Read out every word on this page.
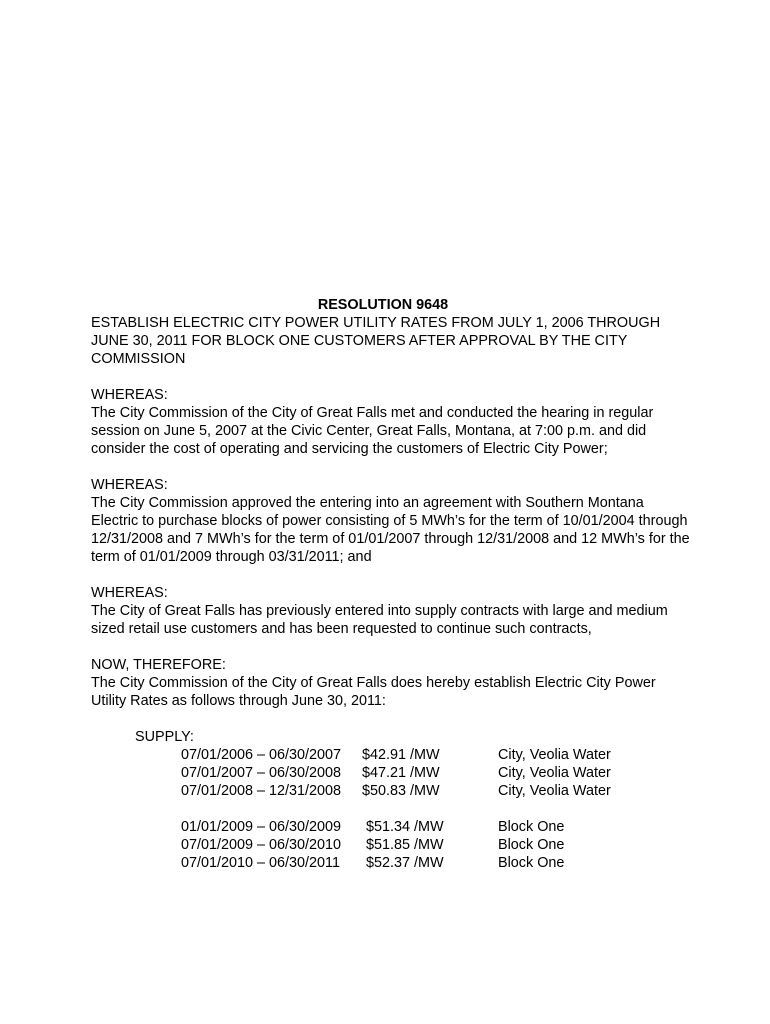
RESOLUTION 9648

ESTABLISH ELECTRIC CITY POWER UTILITY RATES FROM JULY 1, 2006 THROUGH JUNE 30, 2011 FOR BLOCK ONE CUSTOMERS AFTER APPROVAL BY THE CITY COMMISSION

WHEREAS:

The City Commission of the City of Great Falls met and conducted the hearing in regular session on June 5, 2007 at the Civic Center, Great Falls, Montana, at 7:00 p.m. and did consider the cost of operating and servicing the customers of Electric City Power;

WHEREAS:

The City Commission approved the entering into an agreement with Southern Montana Electric to purchase blocks of power consisting of 5 MWh’s for the term of 10/01/2004 through 12/31/2008 and 7 MWh’s for the term of 01/01/2007 through 12/31/2008 and 12 MWh’s for the term of 01/01/2009 through 03/31/2011; and

WHEREAS:

The City of Great Falls has previously entered into supply contracts with large and medium sized retail use customers and has been requested to continue such contracts,

NOW, THEREFORE:

The City Commission of the City of Great Falls does hereby establish Electric City Power Utility Rates as follows through June 30, 2011:

SUPPLY:
07/01/2006 – 06/30/2007	$42.91 /MW	City, Veolia Water
07/01/2007 – 06/30/2008	$47.21 /MW	City, Veolia Water
07/01/2008 – 12/31/2008	$50.83 /MW	City, Veolia Water
01/01/2009 – 06/30/2009	$51.34 /MW	Block One
07/01/2009 – 06/30/2010	$51.85 /MW	Block One
07/01/2010 – 06/30/2011	$52.37 /MW	Block One
